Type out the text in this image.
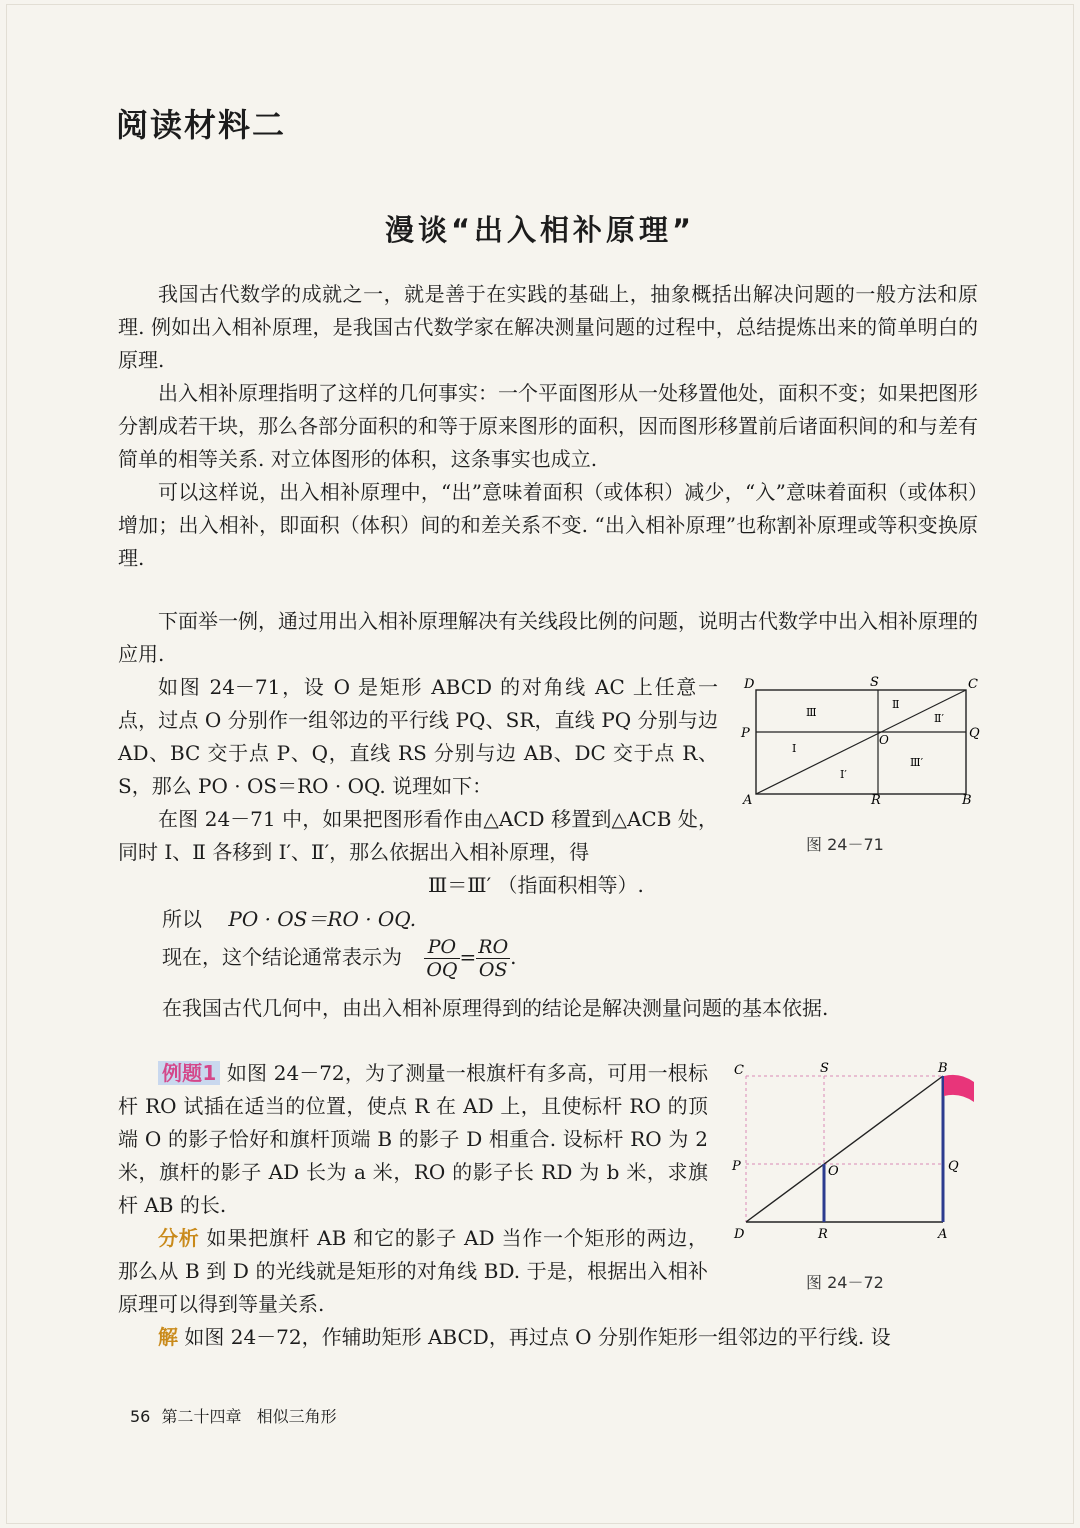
阅读材料二
漫谈“出入相补原理”

我国古代数学的成就之一，就是善于在实践的基础上，抽象概括出解决问题的一般方法和原理. 例如出入相补原理，是我国古代数学家在解决测量问题的过程中，总结提炼出来的简单明白的原理.

出入相补原理指明了这样的几何事实：一个平面图形从一处移置他处，面积不变；如果把图形分割成若干块，那么各部分面积的和等于原来图形的面积，因而图形移置前后诸面积间的和与差有简单的相等关系. 对立体图形的体积，这条事实也成立.

可以这样说，出入相补原理中，“出”意味着面积（或体积）减少，“入”意味着面积（或体积）增加；出入相补，即面积（体积）间的和差关系不变. “出入相补原理”也称割补原理或等积变换原理.

下面举一例，通过用出入相补原理解决有关线段比例的问题，说明古代数学中出入相补原理的应用.

如图 24－71，设 O 是矩形 ABCD 的对角线 AC 上任意一点，过点 O 分别作一组邻边的平行线 PQ、SR，直线 PQ 分别与边 AD、BC 交于点 P、Q，直线 RS 分别与边 AB、DC 交于点 R、S，那么 PO · OS＝RO · OQ. 说理如下：

在图 24－71 中，如果把图形看作由△ACD 移置到△ACB 处，同时 Ⅰ、Ⅱ 各移到 Ⅰ′、Ⅱ′，那么依据出入相补原理，得

Ⅲ＝Ⅲ′ （指面积相等）.
所以 PO · OS＝RO · OQ.
现在，这个结论通常表示为 $\frac{PO}{OQ} = \frac{RO}{OS}$ .
在我国古代几何中，由出入相补原理得到的结论是解决测量问题的基本依据.

例题1 如图 24－72，为了测量一根旗杆有多高，可用一根标杆 RO 试插在适当的位置，使点 R 在 AD 上，且使标杆 RO 的顶端 O 的影子恰好和旗杆顶端 B 的影子 D 相重合. 设标杆 RO 为 2 米，旗杆的影子 AD 长为 a 米，RO 的影子长 RD 为 b 米，求旗杆 AB 的长.

分析 如果把旗杆 AB 和它的影子 AD 当作一个矩形的两边，那么从 B 到 D 的光线就是矩形的对角线 BD. 于是，根据出入相补原理可以得到等量关系.

解 如图 24－72，作辅助矩形 ABCD，再过点 O 分别作矩形一组邻边的平行线. 设

D	S	C
P	Q
O
A	R	B
Ⅲ
Ⅱ
Ⅱ′
Ⅰ
Ⅰ′
Ⅲ′
图 24－71
C	S	B
P	O	Q
D	R	A
图 24－72
56 第二十四章 相似三角形
